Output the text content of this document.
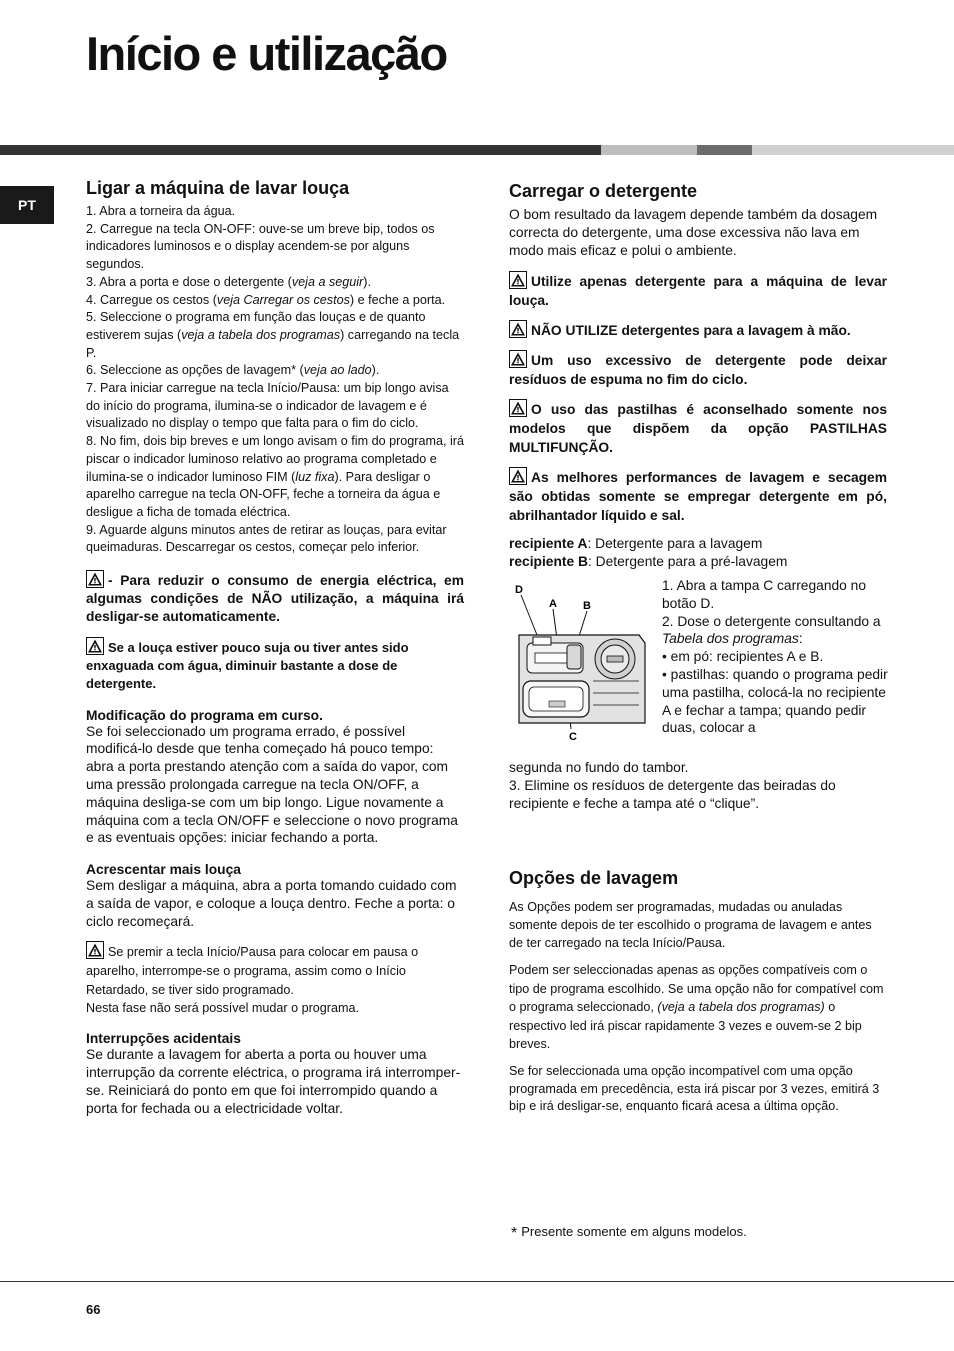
Início e utilização
PT
Ligar a máquina de lavar louça

1. Abra a torneira da água.

2. Carregue na tecla ON-OFF: ouve-se um breve bip, todos os indicadores luminosos e o display acendem-se por alguns segundos.

3. Abra a porta e dose o detergente (veja a seguir).

4. Carregue os cestos (veja Carregar os cestos) e feche a porta.

5. Seleccione o programa em função das louças e de quanto estiverem sujas (veja a tabela dos programas) carregando na tecla P.

6. Seleccione as opções de lavagem* (veja ao lado).

7. Para iniciar carregue na tecla Início/Pausa: um bip longo avisa do início do programa, ilumina-se o indicador de lavagem e é visualizado no display o tempo que falta para o fim do ciclo.

8. No fim, dois bip breves e um longo avisam o fim do programa, irá piscar o indicador luminoso relativo ao programa completado e ilumina-se o indicador luminoso FIM (luz fixa). Para desligar o aparelho carregue na tecla ON-OFF, feche a torneira da água e desligue a ficha de tomada eléctrica.

9. Aguarde alguns minutos antes de retirar as louças, para evitar queimaduras. Descarregar os cestos, começar pelo inferior.

- Para reduzir o consumo de energia eléctrica, em algumas condições de NÃO utilização, a máquina irá desligar-se automaticamente.

Se a louça estiver pouco suja ou tiver antes sido enxaguada com água, diminuir bastante a dose de detergente.

Modificação do programa em curso.

Se foi seleccionado um programa errado, é possível modificá-lo desde que tenha começado há pouco tempo: abra a porta prestando atenção com a saída do vapor, com uma pressão prolongada carregue na tecla ON/OFF, a máquina desliga-se com um bip longo. Ligue novamente a máquina com a tecla ON/OFF e seleccione o novo programa e as eventuais opções: iniciar fechando a porta.

Acrescentar mais louça

Sem desligar a máquina, abra a porta tomando cuidado com a saída de vapor, e coloque a louça dentro. Feche a porta: o ciclo recomeçará.

Se premir a tecla Início/Pausa para colocar em pausa o aparelho, interrompe-se o programa, assim como o Início Retardado, se tiver sido programado.

Nesta fase não será possível mudar o programa.

Interrupções acidentais

Se durante a lavagem for aberta a porta ou houver uma interrupção da corrente eléctrica, o programa irá interromper-se. Reiniciará do ponto em que foi interrompido quando a porta for fechada ou a electricidade voltar.

Carregar o detergente

O bom resultado da lavagem depende também da dosagem correcta do detergente, uma dose excessiva não lava em modo mais eficaz e polui o ambiente.

Utilize apenas detergente para a máquina de levar louça.

NÃO UTILIZE detergentes para a lavagem à mão.

Um uso excessivo de detergente pode deixar resíduos de espuma no fim do ciclo.

O uso das pastilhas é aconselhado somente nos modelos que dispõem da opção PASTILHAS MULTIFUNÇÃO.

As melhores performances de lavagem e secagem são obtidas somente se empregar detergente em pó, abrilhantador líquido e sal.

recipiente A: Detergente para a lavagem

recipiente B: Detergente para a pré-lavagem

D
A B
C

1. Abra a tampa C carregando no botão D.

2. Dose o detergente consultando a Tabela dos programas:

• em pó: recipientes A e B.

• pastilhas: quando o programa pedir uma pastilha, colocá-la no recipiente A e fechar a tampa; quando pedir duas, colocar a

segunda no fundo do tambor.

3. Elimine os resíduos de detergente das beiradas do recipiente e feche a tampa até o “clique”.

Opções de lavagem

As Opções podem ser programadas, mudadas ou anuladas somente depois de ter escolhido o programa de lavagem e antes de ter carregado na tecla Início/Pausa.

Podem ser seleccionadas apenas as opções compatíveis com o tipo de programa escolhido. Se uma opção não for compatível com o programa seleccionado, (veja a tabela dos programas) o respectivo led irá piscar rapidamente 3 vezes e ouvem-se 2 bip breves.

Se for seleccionada uma opção incompatível com uma opção programada em precedência, esta irá piscar por 3 vezes, emitirá 3 bip e irá desligar-se, enquanto ficará acesa a última opção.

* Presente somente em alguns modelos.
66
